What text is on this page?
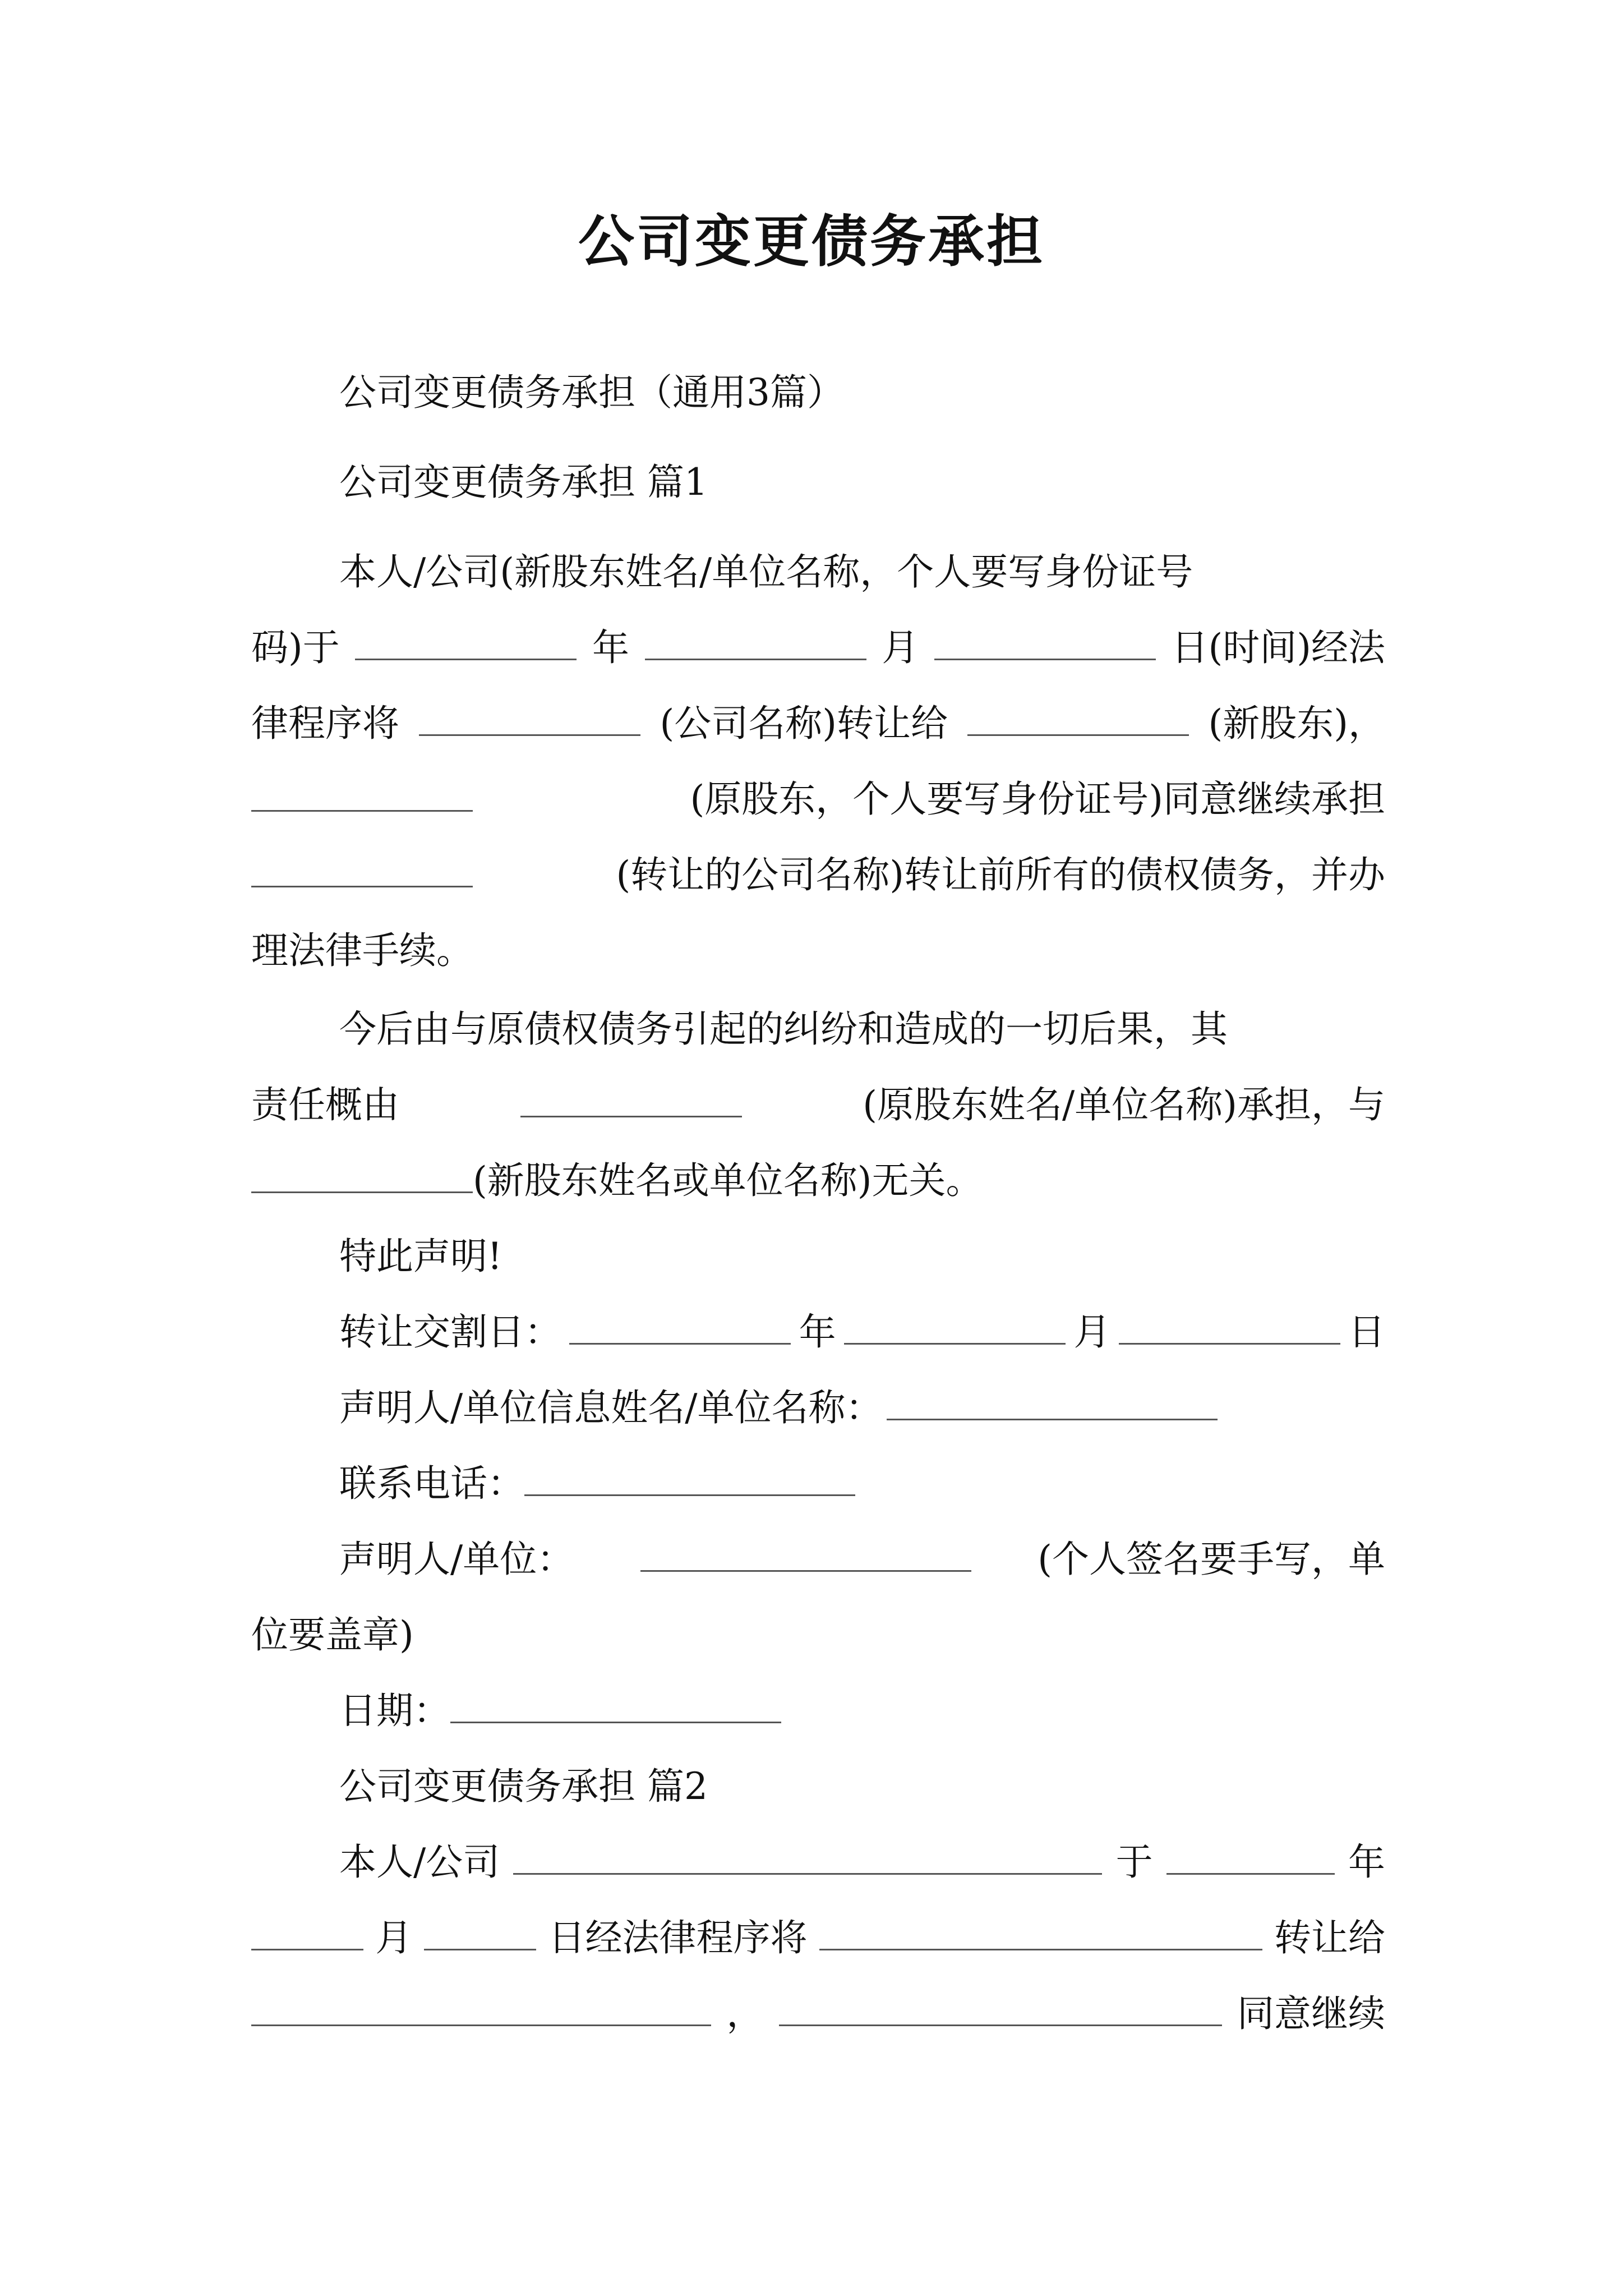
公司变更债务承担
公司变更债务承担（通用3篇）
公司变更债务承担 篇1
本人/公司(新股东姓名/单位名称，个人要写身份证号
码)于	年	月	日(时间)经法
律程序将	(公司名称)转让给	(新股东)，
(原股东，个人要写身份证号)同意继续承担
(转让的公司名称)转让前所有的债权债务，并办
理法律手续。
今后由与原债权债务引起的纠纷和造成的一切后果，其
责任概由	(原股东姓名/单位名称)承担，与
(新股东姓名或单位名称)无关。
特此声明!
转让交割日：	年	月	日
声明人/单位信息姓名/单位名称：
联系电话：
声明人/单位：	(个人签名要手写，单
位要盖章)
日期：
公司变更债务承担 篇2
本人/公司	于	年
月	日经法律程序将	转让给
，	同意继续
